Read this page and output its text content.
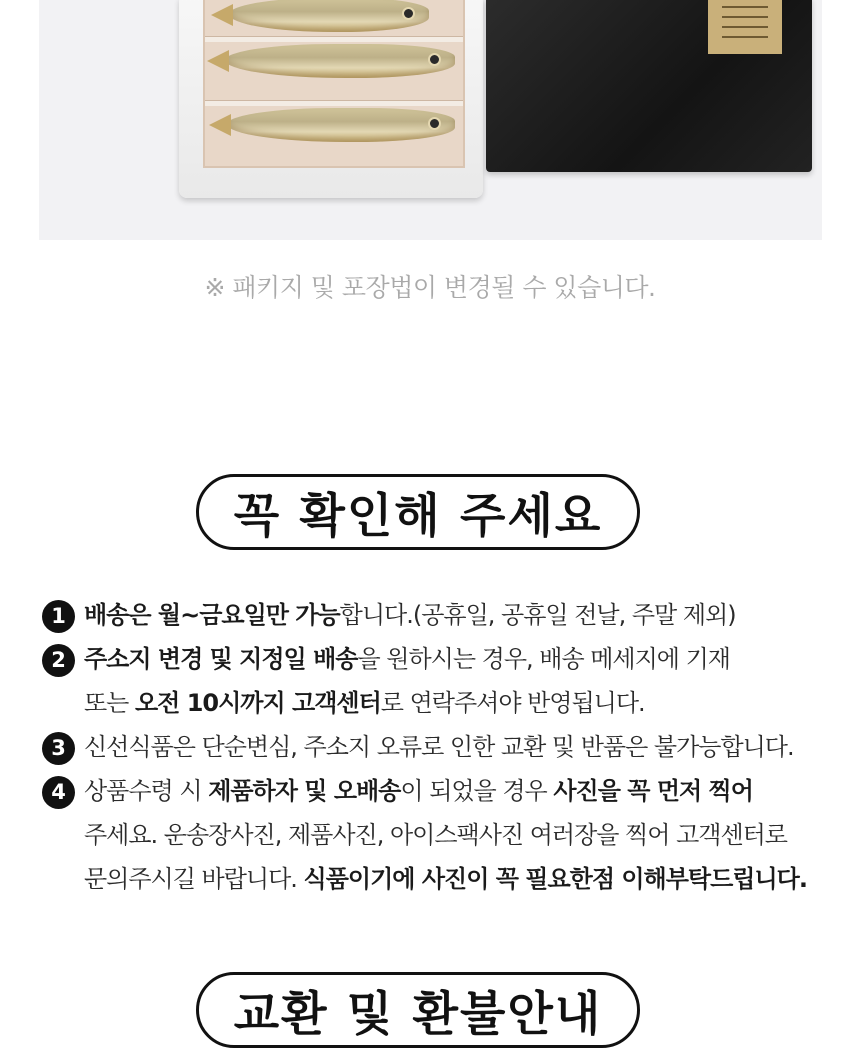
※ 패키지 및 포장법이 변경될 수 있습니다.
꼭 확인해 주세요
1 배송은 월~금요일만 가능합니다.(공휴일, 공휴일 전날, 주말 제외)
2 주소지 변경 및 지정일 배송을 원하시는 경우, 배송 메세지에 기재
또는 오전 10시까지 고객센터로 연락주셔야 반영됩니다.
3 신선식품은 단순변심, 주소지 오류로 인한 교환 및 반품은 불가능합니다.
4 상품수령 시 제품하자 및 오배송이 되었을 경우 사진을 꼭 먼저 찍어
주세요. 운송장사진, 제품사진, 아이스팩사진 여러장을 찍어 고객센터로
문의주시길 바랍니다. 식품이기에 사진이 꼭 필요한점 이해부탁드립니다.
교환 및 환불안내
